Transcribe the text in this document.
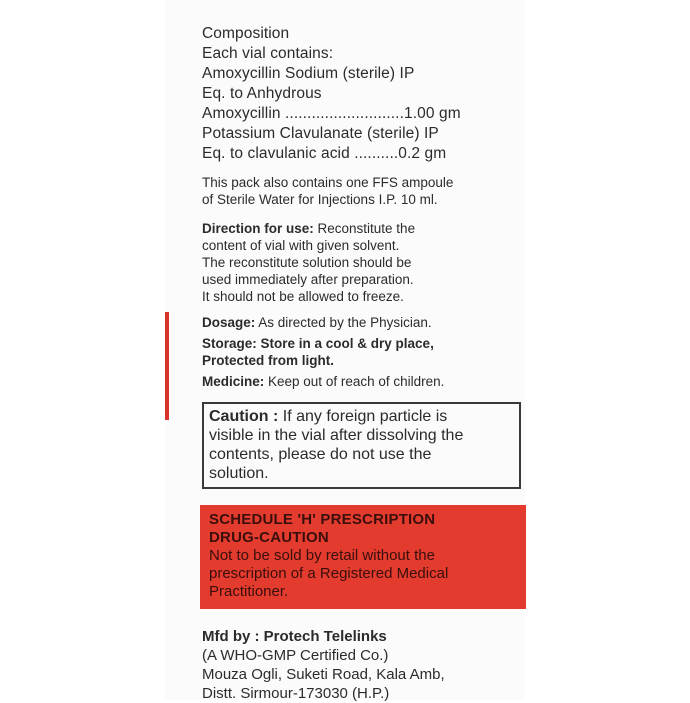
Composition
Each vial contains:
Amoxycillin Sodium (sterile) IP
Eq. to Anhydrous
Amoxycillin ...........................1.00 gm
Potassium Clavulanate (sterile) IP
Eq. to clavulanic acid ..........0.2 gm
This pack also contains one FFS ampoule
of Sterile Water for Injections I.P. 10 ml.
Direction for use: Reconstitute the
content of vial with given solvent.
The reconstitute solution should be
used immediately after preparation.
It should not be allowed to freeze.
Dosage: As directed by the Physician.
Storage: Store in a cool & dry place,
Protected from light.
Medicine: Keep out of reach of children.
Caution : If any foreign particle is
visible in the vial after dissolving the
contents, please do not use the
solution.
SCHEDULE 'H' PRESCRIPTION
DRUG-CAUTION
Not to be sold by retail without the
prescription of a Registered Medical
Practitioner.
Mfd by : Protech Telelinks
(A WHO-GMP Certified Co.)
Mouza Ogli, Suketi Road, Kala Amb,
Distt. Sirmour-173030 (H.P.)
